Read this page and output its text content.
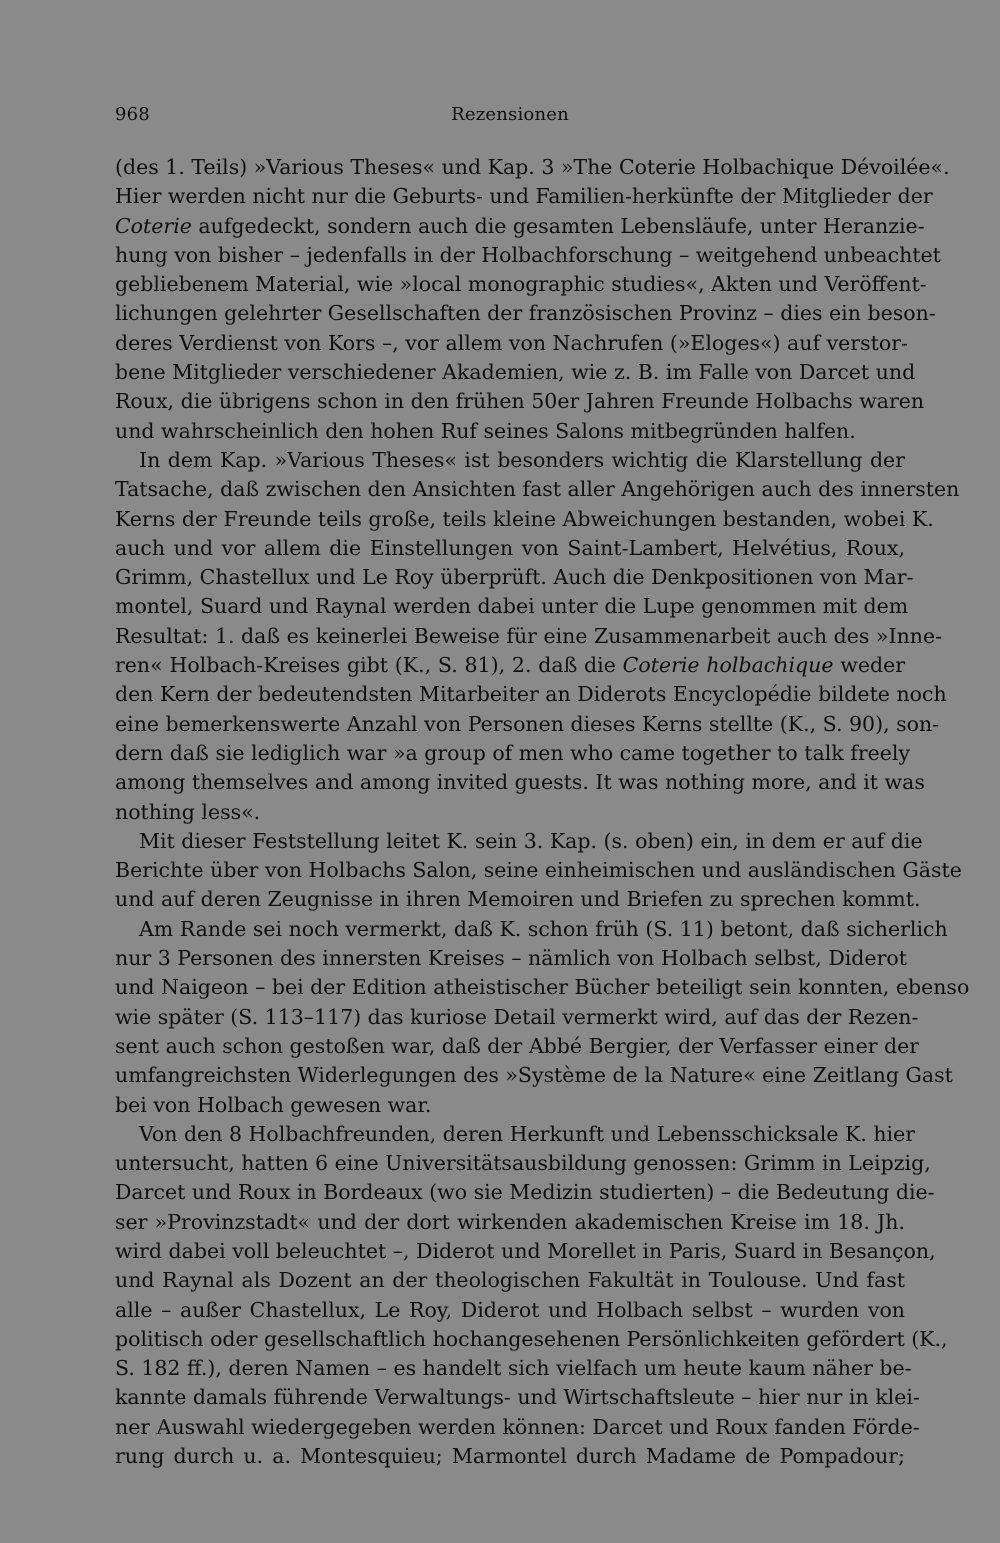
968	Rezensionen

(des 1. Teils) »Various Theses« und Kap. 3 »The Coterie Holbachique Dévoilée«.
Hier werden nicht nur die Geburts- und Familien-herkünfte der Mitglieder der
Coterie aufgedeckt, sondern auch die gesamten Lebensläufe, unter Heranzie-
hung von bisher – jedenfalls in der Holbachforschung – weitgehend unbeachtet
gebliebenem Material, wie »local monographic studies«, Akten und Veröffent-
lichungen gelehrter Gesellschaften der französischen Provinz – dies ein beson-
deres Verdienst von Kors –, vor allem von Nachrufen (»Eloges«) auf verstor-
bene Mitglieder verschiedener Akademien, wie z. B. im Falle von Darcet und
Roux, die übrigens schon in den frühen 50er Jahren Freunde Holbachs waren
und wahrscheinlich den hohen Ruf seines Salons mitbegründen halfen.

In dem Kap. »Various Theses« ist besonders wichtig die Klarstellung der
Tatsache, daß zwischen den Ansichten fast aller Angehörigen auch des innersten
Kerns der Freunde teils große, teils kleine Abweichungen bestanden, wobei K.
auch und vor allem die Einstellungen von Saint-Lambert, Helvétius, Roux,
Grimm, Chastellux und Le Roy überprüft. Auch die Denkpositionen von Mar-
montel, Suard und Raynal werden dabei unter die Lupe genommen mit dem
Resultat: 1. daß es keinerlei Beweise für eine Zusammenarbeit auch des »Inne-
ren« Holbach-Kreises gibt (K., S. 81), 2. daß die Coterie holbachique weder
den Kern der bedeutendsten Mitarbeiter an Diderots Encyclopédie bildete noch
eine bemerkenswerte Anzahl von Personen dieses Kerns stellte (K., S. 90), son-
dern daß sie lediglich war »a group of men who came together to talk freely
among themselves and among invited guests. It was nothing more, and it was
nothing less«.

Mit dieser Feststellung leitet K. sein 3. Kap. (s. oben) ein, in dem er auf die
Berichte über von Holbachs Salon, seine einheimischen und ausländischen Gäste
und auf deren Zeugnisse in ihren Memoiren und Briefen zu sprechen kommt.

Am Rande sei noch vermerkt, daß K. schon früh (S. 11) betont, daß sicherlich
nur 3 Personen des innersten Kreises – nämlich von Holbach selbst, Diderot
und Naigeon – bei der Edition atheistischer Bücher beteiligt sein konnten, ebenso
wie später (S. 113–117) das kuriose Detail vermerkt wird, auf das der Rezen-
sent auch schon gestoßen war, daß der Abbé Bergier, der Verfasser einer der
umfangreichsten Widerlegungen des »Système de la Nature« eine Zeitlang Gast
bei von Holbach gewesen war.

Von den 8 Holbachfreunden, deren Herkunft und Lebensschicksale K. hier
untersucht, hatten 6 eine Universitätsausbildung genossen: Grimm in Leipzig,
Darcet und Roux in Bordeaux (wo sie Medizin studierten) – die Bedeutung die-
ser »Provinzstadt« und der dort wirkenden akademischen Kreise im 18. Jh.
wird dabei voll beleuchtet –, Diderot und Morellet in Paris, Suard in Besançon,
und Raynal als Dozent an der theologischen Fakultät in Toulouse. Und fast
alle – außer Chastellux, Le Roy, Diderot und Holbach selbst – wurden von
politisch oder gesellschaftlich hochangesehenen Persönlichkeiten gefördert (K.,
S. 182 ff.), deren Namen – es handelt sich vielfach um heute kaum näher be-
kannte damals führende Verwaltungs- und Wirtschaftsleute – hier nur in klei-
ner Auswahl wiedergegeben werden können: Darcet und Roux fanden Förde-
rung durch u. a. Montesquieu; Marmontel durch Madame de Pompadour;
